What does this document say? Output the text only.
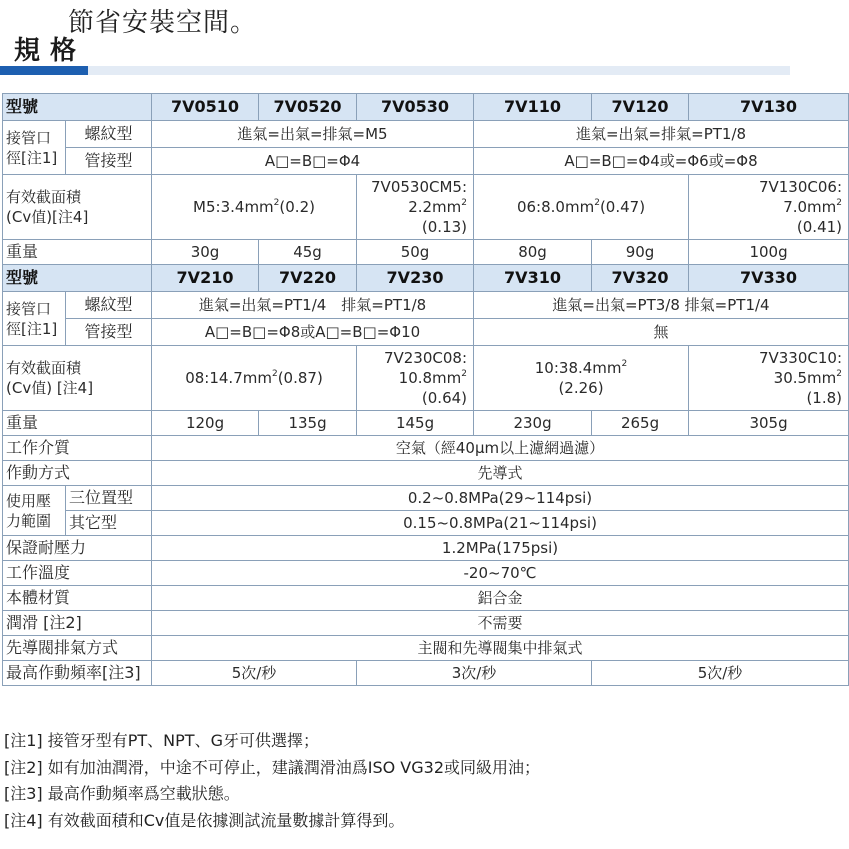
節省安裝空間。
規格
型號		7V0510	7V0520	7V0530	7V110	7V120	7V130	
接管口
徑[注1]	螺紋型	進氣=出氣=排氣=M5			進氣=出氣=排氣=PT1/8			
	管接型	A□=B□=Φ4			A□=B□=Φ4或=Φ6或=Φ8			
有效截面積
(Cv值)[注4]		$M5:3.4mm^2(0.2)$		7V0530CM5:
$2.2mm^2$
(0.13)	$06:8.0mm^2(0.47)$		7V130C06:
$7.0mm^2$
(0.41)	
重量		30g	45g	50g	80g	90g	100g	
型號		7V210	7V220	7V230	7V310	7V320	7V330	
接管口
徑[注1]	螺紋型	進氣=出氣=PT1/4　排氣=PT1/8			進氣=出氣=PT3/8 排氣=PT1/4			
	管接型	A□=B□=Φ8或A□=B□=Φ10			無			
有效截面積
(Cv值) [注4]		$08:14.7mm^2(0.87)$		7V230C08:
$10.8mm^2$
(0.64)	$10:38.4mm^2$
(2.26)		7V330C10:
$30.5mm^2$
(1.8)	
重量		120g	135g	145g	230g	265g	305g	
工作介質		空氣（經40μm以上濾網過濾）						
作動方式		先導式						
使用壓
力範圍	三位置型	0.2~0.8MPa(29~114psi)						
	其它型	0.15~0.8MPa(21~114psi)						
保證耐壓力		1.2MPa(175psi)						
工作溫度		-20~70℃						
本體材質		鋁合金						
潤滑 [注2]		不需要						
先導閥排氣方式		主閥和先導閥集中排氣式						
最高作動頻率[注3]		5次/秒		3次/秒		5次/秒	
[注1] 接管牙型有PT、NPT、G牙可供選擇；
[注2] 如有加油潤滑，中途不可停止，建議潤滑油爲ISO VG32或同級用油；
[注3] 最高作動頻率爲空載狀態。
[注4] 有效截面積和Cv值是依據測試流量數據計算得到。
